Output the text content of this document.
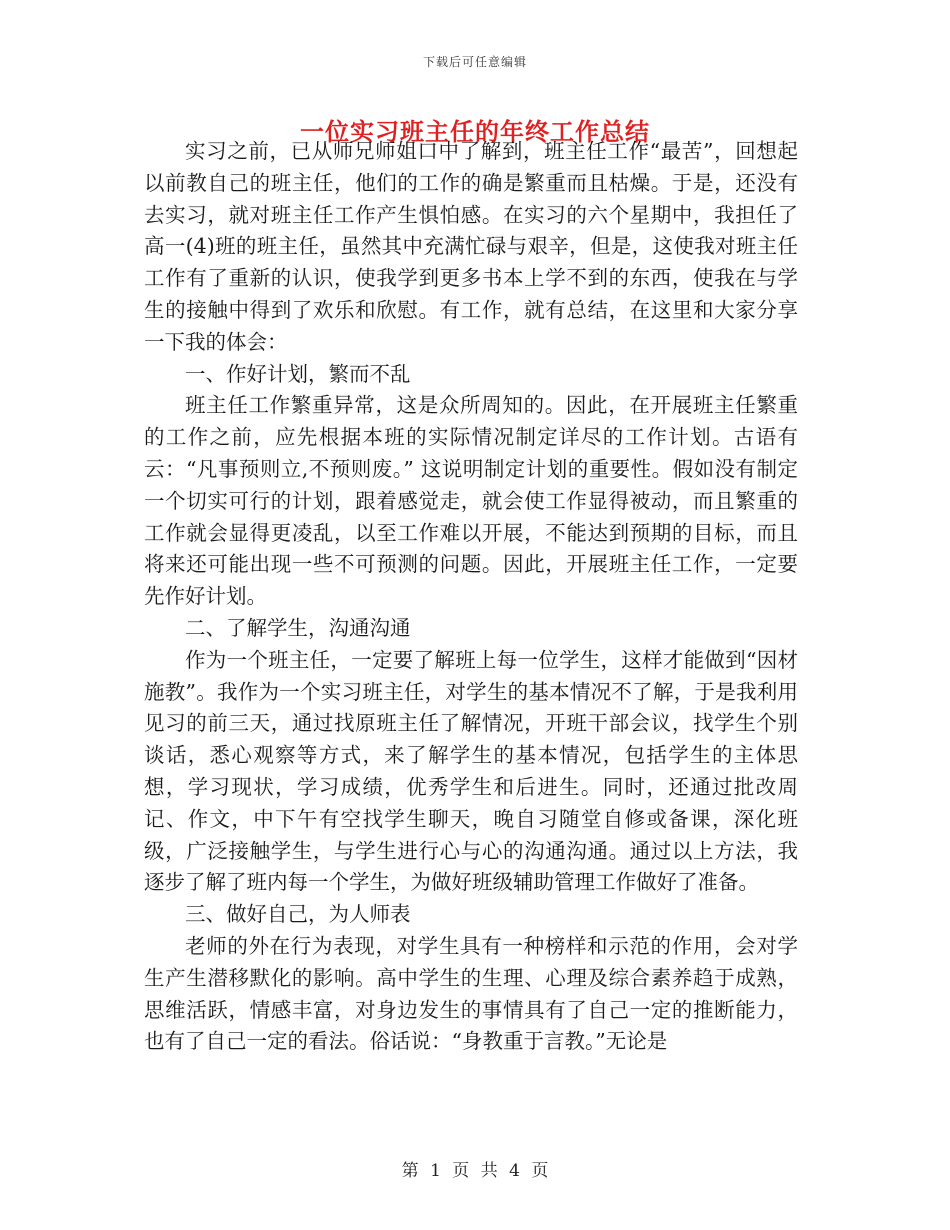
下载后可任意编辑
一位实习班主任的年终工作总结

实习之前，已从师兄师姐口中了解到，班主任工作“最苦”，回想起以前教自己的班主任，他们的工作的确是繁重而且枯燥。于是，还没有去实习，就对班主任工作产生惧怕感。在实习的六个星期中，我担任了高一(4)班的班主任，虽然其中充满忙碌与艰辛，但是，这使我对班主任工作有了重新的认识，使我学到更多书本上学不到的东西，使我在与学生的接触中得到了欢乐和欣慰。有工作，就有总结，在这里和大家分享一下我的体会：

一、作好计划，繁而不乱

班主任工作繁重异常，这是众所周知的。因此，在开展班主任繁重的工作之前，应先根据本班的实际情况制定详尽的工作计划。古语有云：“凡事预则立,不预则废。” 这说明制定计划的重要性。假如没有制定一个切实可行的计划，跟着感觉走，就会使工作显得被动，而且繁重的工作就会显得更凌乱，以至工作难以开展，不能达到预期的目标，而且将来还可能出现一些不可预测的问题。因此，开展班主任工作，一定要先作好计划。

二、了解学生，沟通沟通

作为一个班主任，一定要了解班上每一位学生，这样才能做到“因材施教”。我作为一个实习班主任，对学生的基本情况不了解，于是我利用见习的前三天，通过找原班主任了解情况，开班干部会议，找学生个别谈话，悉心观察等方式，来了解学生的基本情况，包括学生的主体思想，学习现状，学习成绩，优秀学生和后进生。同时，还通过批改周记、作文，中下午有空找学生聊天，晚自习随堂自修或备课，深化班级，广泛接触学生，与学生进行心与心的沟通沟通。通过以上方法，我逐步了解了班内每一个学生，为做好班级辅助管理工作做好了准备。

三、做好自己，为人师表

老师的外在行为表现，对学生具有一种榜样和示范的作用，会对学生产生潜移默化的影响。高中学生的生理、心理及综合素养趋于成熟，思维活跃，情感丰富，对身边发生的事情具有了自己一定的推断能力，也有了自己一定的看法。俗话说：“身教重于言教。”无论是

第 1 页 共 4 页
